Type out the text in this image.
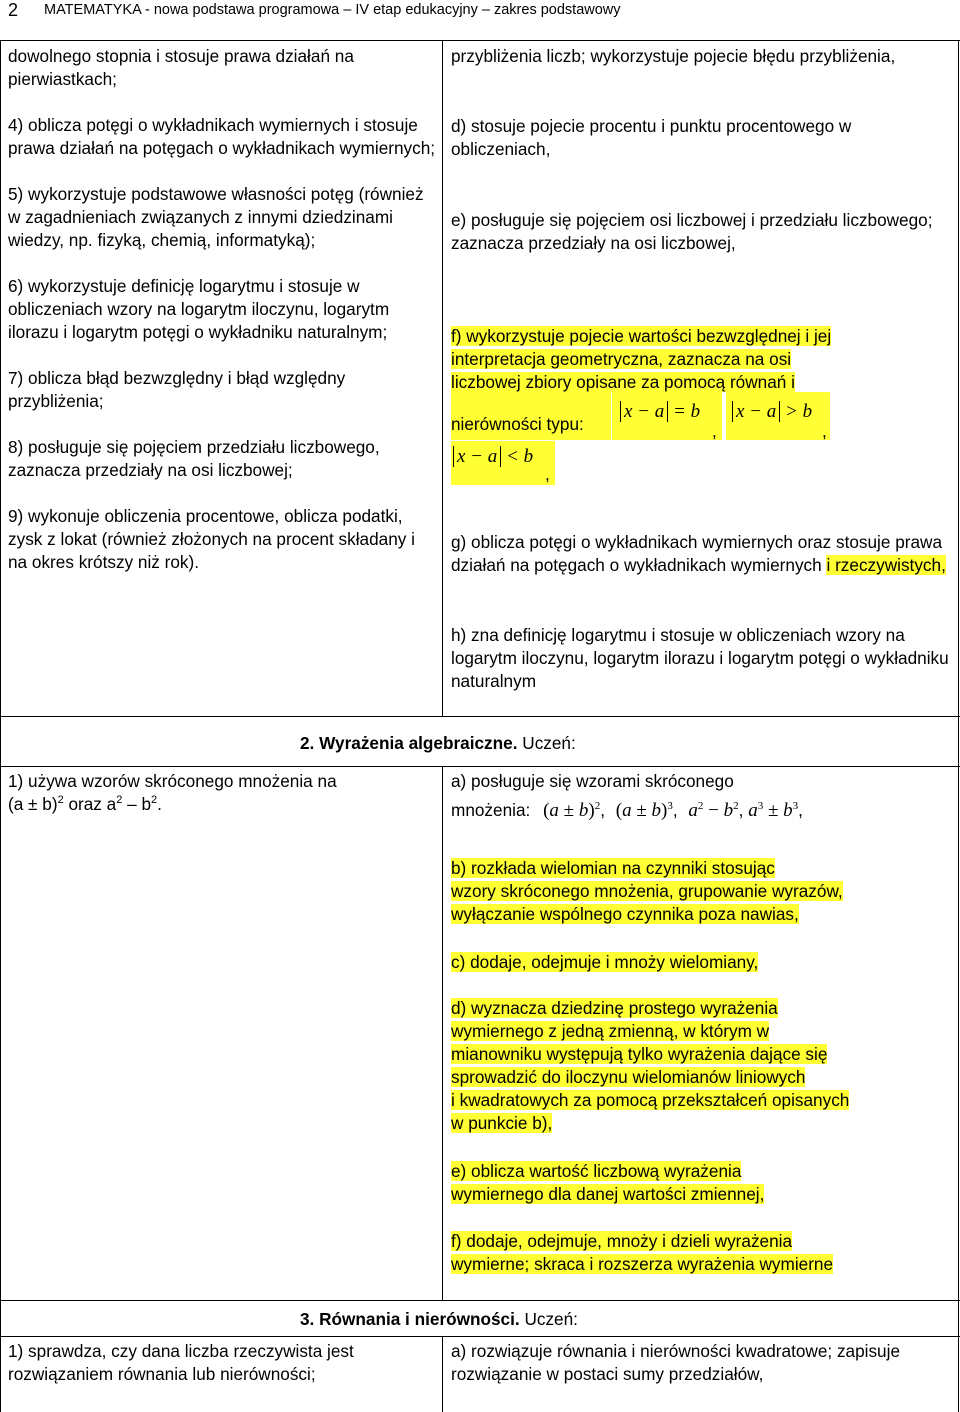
2 MATEMATYKA - nowa podstawa programowa – IV etap edukacyjny – zakres podstawowy

dowolnego stopnia i stosuje prawa działań na pierwiastkach;

4) oblicza potęgi o wykładnikach wymiernych i stosuje prawa działań na potęgach o wykładnikach wymiernych;

5) wykorzystuje podstawowe własności potęg (również w zagadnieniach związanych z innymi dziedzinami wiedzy, np. fizyką, chemią, informatyką);

6) wykorzystuje definicję logarytmu i stosuje w obliczeniach wzory na logarytm iloczynu, logarytm ilorazu i logarytm potęgi o wykładniku naturalnym;

7) oblicza błąd bezwzględny i błąd względny przybliżenia;

8) posługuje się pojęciem przedziału liczbowego, zaznacza przedziały na osi liczbowej;

9) wykonuje obliczenia procentowe, oblicza podatki, zysk z lokat (również złożonych na procent składany i na okres krótszy niż rok).

przybliżenia liczb; wykorzystuje pojecie błędu przybliżenia,

d) stosuje pojecie procentu i punktu procentowego w obliczeniach,

e) posługuje się pojęciem osi liczbowej i przedziału liczbowego; zaznacza przedziały na osi liczbowej,

f) wykorzystuje pojecie wartości bezwzględnej i jej

interpretacja geometryczna, zaznacza na osi

liczbowej zbiory opisane za pomocą równań i

nierówności typu:

x − a = b
,
x − a > b
,
x − a < b
,

g) oblicza potęgi o wykładnikach wymiernych oraz stosuje prawa działań na potęgach o wykładnikach wymiernych i rzeczywistych,

h) zna definicję logarytmu i stosuje w obliczeniach wzory na logarytm iloczynu, logarytm ilorazu i logarytm potęgi o wykładniku naturalnym

2. Wyrażenia algebraiczne. Uczeń:

1) używa wzorów skróconego mnożenia na

$(a \pm b)^2$ oraz $a^2 - b^2$.

a) posługuje się wzorami skróconego

mnożenia: $(a \pm b)^2$, $(a \pm b)^3$, $a^2 - b^2$, $a^3 \pm b^3$,

b) rozkłada wielomian na czynniki stosując

wzory skróconego mnożenia, grupowanie wyrazów,

wyłączanie wspólnego czynnika poza nawias,

c) dodaje, odejmuje i mnoży wielomiany,

d) wyznacza dziedzinę prostego wyrażenia

wymiernego z jedną zmienną, w którym w

mianowniku występują tylko wyrażenia dające się

sprowadzić do iloczynu wielomianów liniowych

i kwadratowych za pomocą przekształceń opisanych

w punkcie b),

e) oblicza wartość liczbową wyrażenia

wymiernego dla danej wartości zmiennej,

f) dodaje, odejmuje, mnoży i dzieli wyrażenia

wymierne; skraca i rozszerza wyrażenia wymierne

3. Równania i nierówności. Uczeń:

1) sprawdza, czy dana liczba rzeczywista jest rozwiązaniem równania lub nierówności;

a) rozwiązuje równania i nierówności kwadratowe; zapisuje rozwiązanie w postaci sumy przedziałów,
